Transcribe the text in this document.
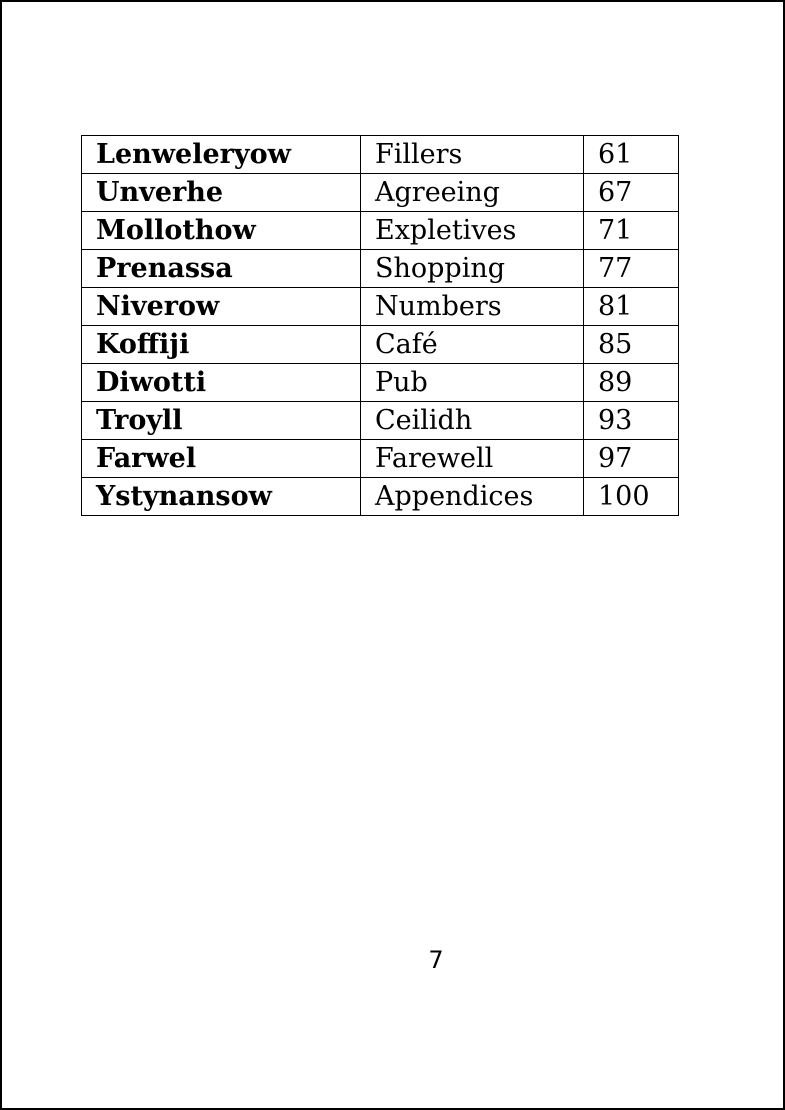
Lenweleryow	Fillers	61
Unverhe	Agreeing	67
Mollothow	Expletives	71
Prenassa	Shopping	77
Niverow	Numbers	81
Koffiji	Café	85
Diwotti	Pub	89
Troyll	Ceilidh	93
Farwel	Farewell	97
Ystynansow	Appendices	100
7
